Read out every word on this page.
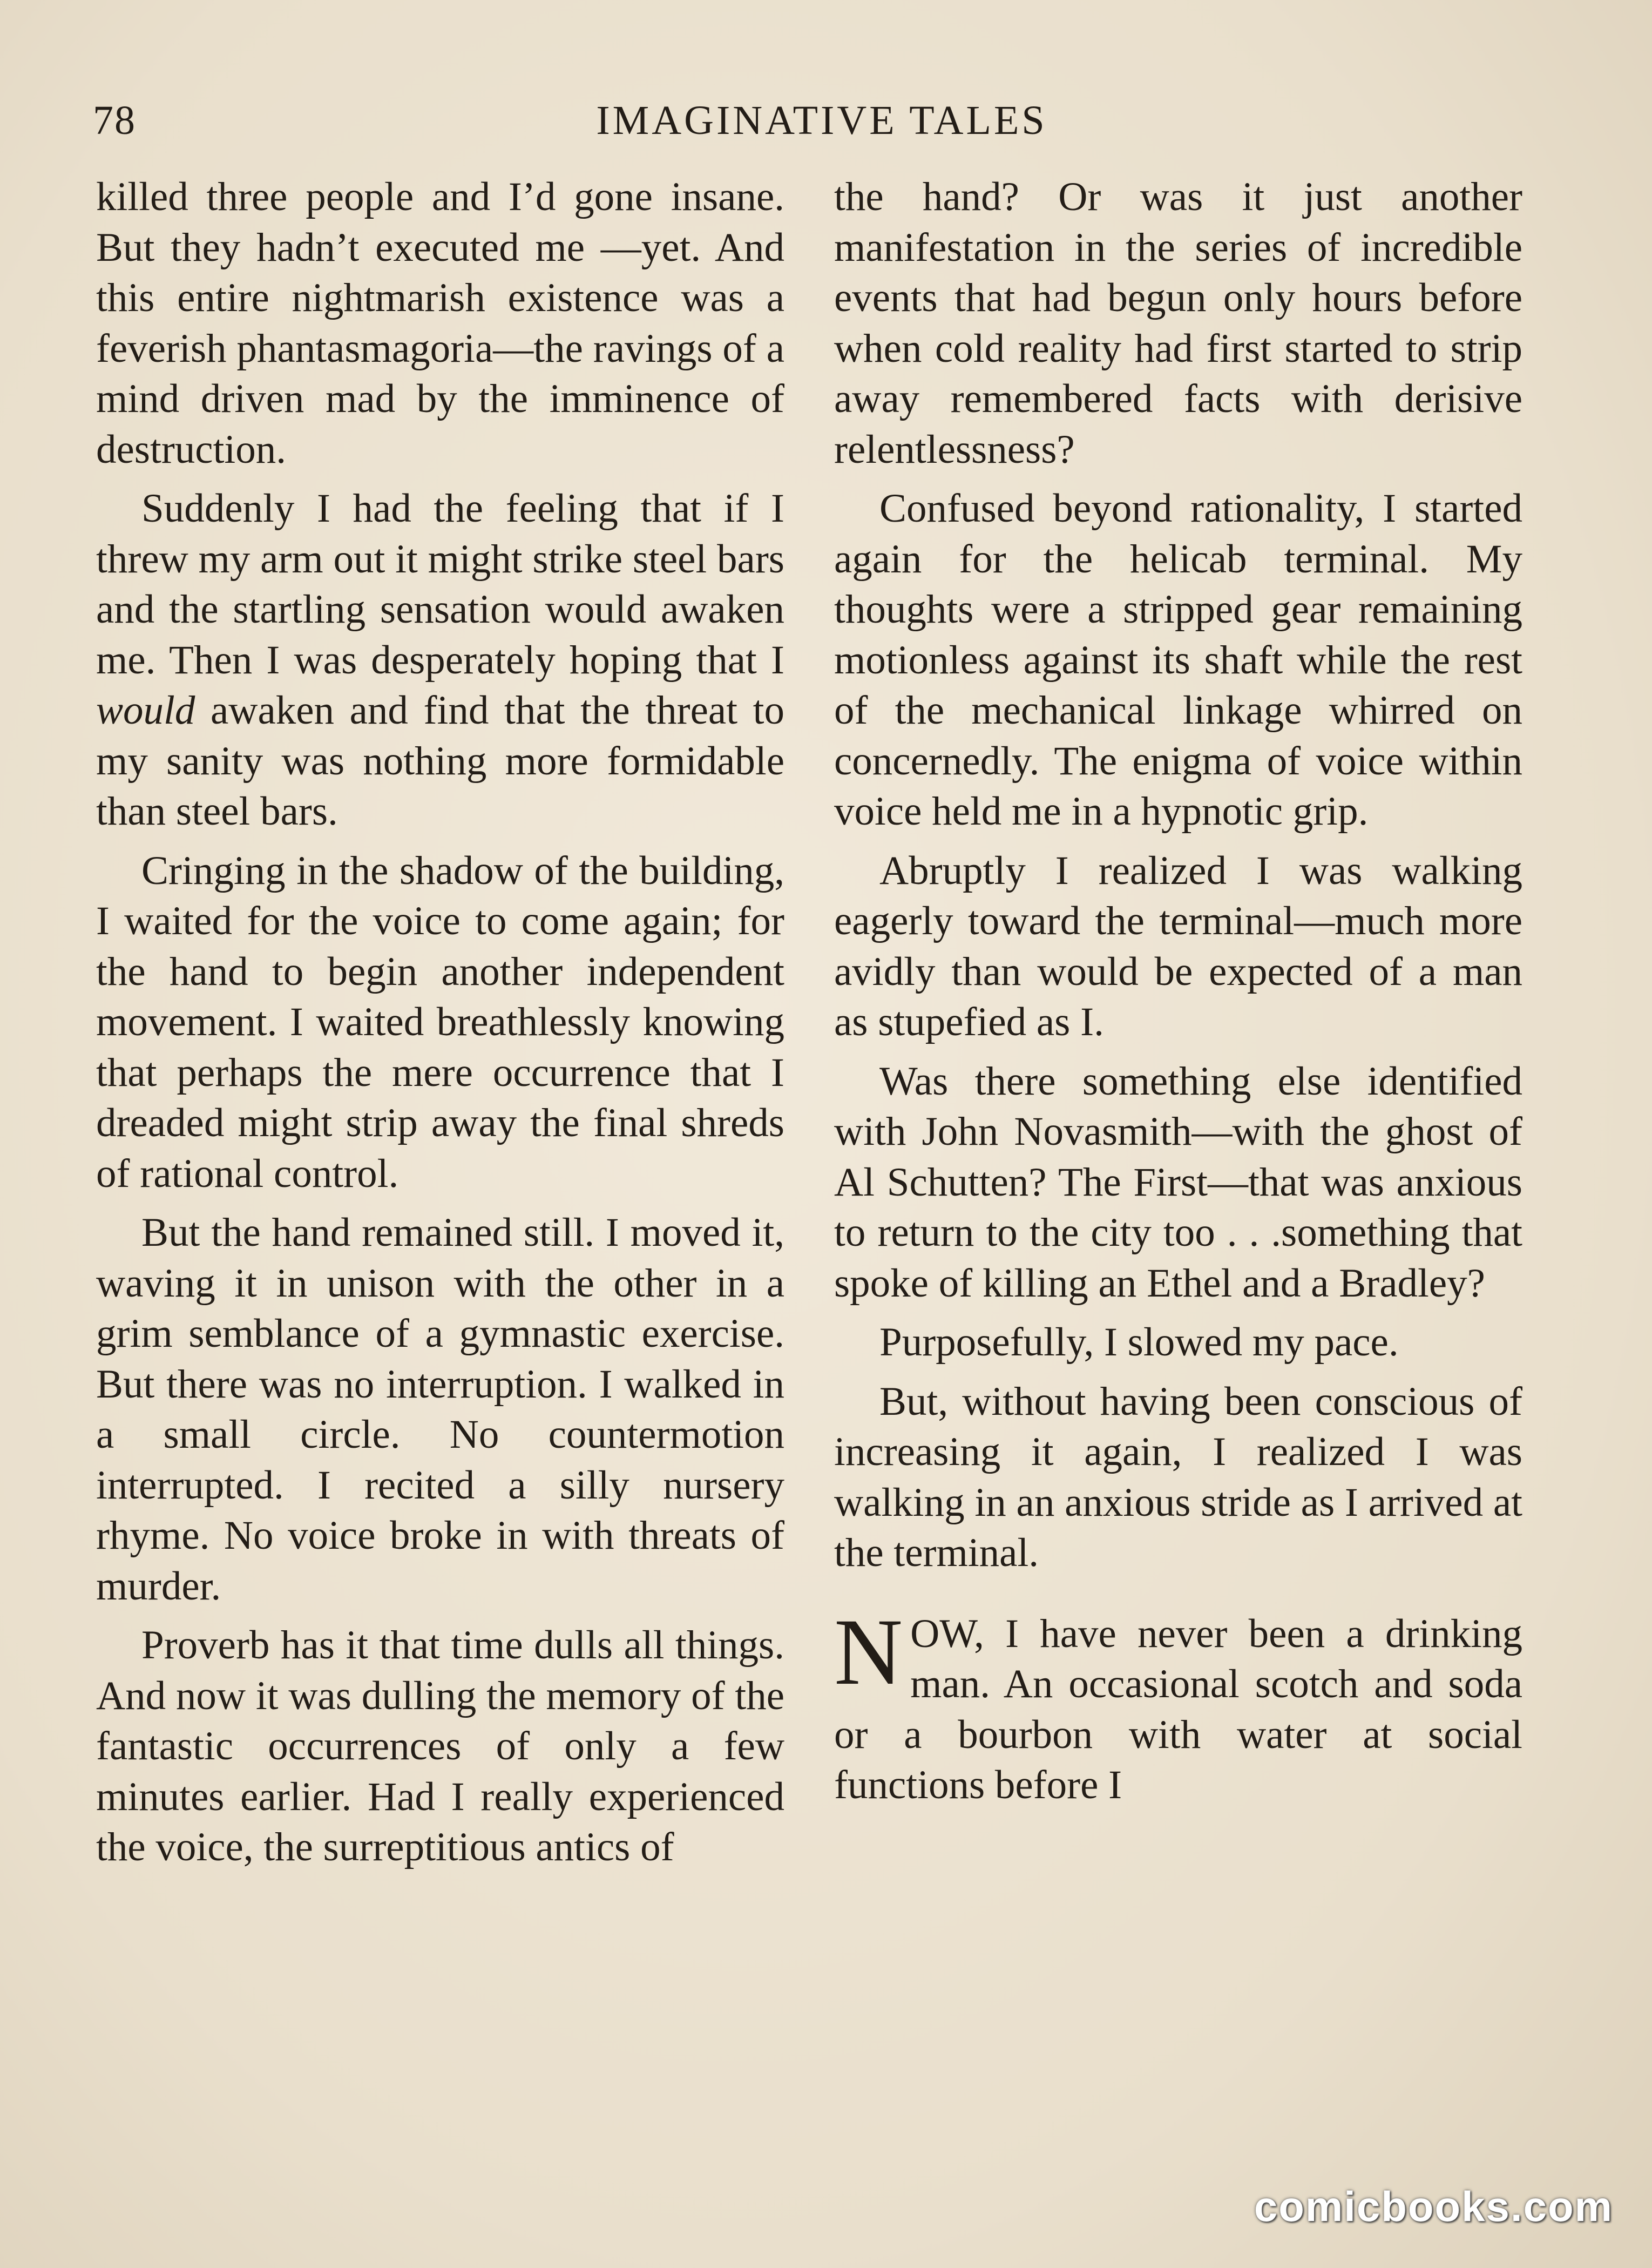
78	IMAGINATIVE TALES

killed three people and I’d gone insane. But they hadn’t executed me —yet. And this entire nightmarish existence was a feverish phantasmagoria—the ravings of a mind driven mad by the imminence of destruction.

Suddenly I had the feeling that if I threw my arm out it might strike steel bars and the startling sensation would awaken me. Then I was desperately hoping that I would awaken and find that the threat to my sanity was nothing more formidable than steel bars.

Cringing in the shadow of the building, I waited for the voice to come again; for the hand to begin another independent movement. I waited breathlessly knowing that perhaps the mere occurrence that I dreaded might strip away the final shreds of rational control.

But the hand remained still. I moved it, waving it in unison with the other in a grim semblance of a gymnastic exercise. But there was no interruption. I walked in a small circle. No countermotion interrupted. I recited a silly nursery rhyme. No voice broke in with threats of murder.

Proverb has it that time dulls all things. And now it was dulling the memory of the fantastic occurrences of only a few minutes earlier. Had I really experienced the voice, the surreptitious antics of

the hand? Or was it just another manifestation in the series of incredible events that had begun only hours before when cold reality had first started to strip away remembered facts with derisive relentlessness?

Confused beyond rationality, I started again for the helicab terminal. My thoughts were a stripped gear remaining motionless against its shaft while the rest of the mechanical linkage whirred on concernedly. The enigma of voice within voice held me in a hypnotic grip.

Abruptly I realized I was walking eagerly toward the terminal—much more avidly than would be expected of a man as stupefied as I.

Was there something else identified with John Novasmith—with the ghost of Al Schutten? The First—that was anxious to return to the city too . . .something that spoke of killing an Ethel and a Bradley?

Purposefully, I slowed my pace.

But, without having been conscious of increasing it again, I realized I was walking in an anxious stride as I arrived at the terminal.

NOW, I have never been a drinking man. An occasional scotch and soda or a bourbon with water at social functions before I

comicbooks.com
